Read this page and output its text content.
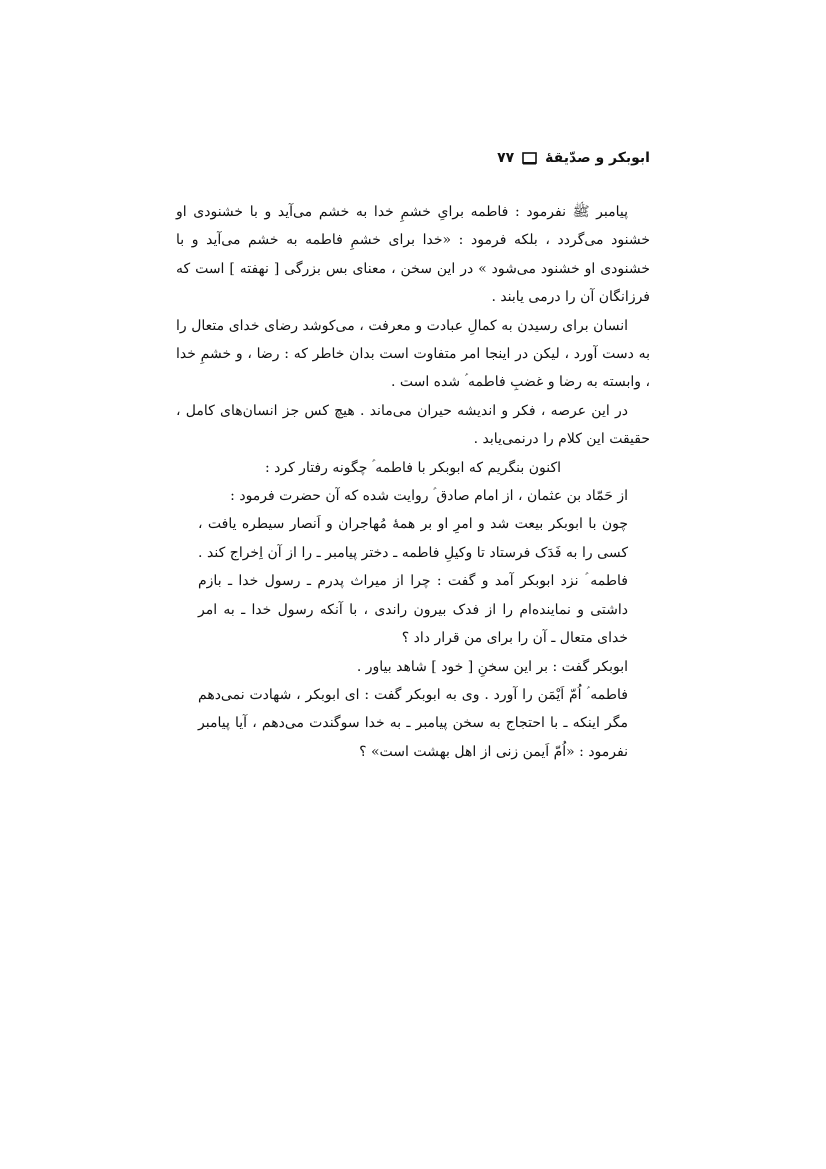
ابوبکر و صدّیقۀ
۷۷

پیامبر ﷺ نفرمود : فاطمه برایِ خشمِ خدا به خشم می‌آید و با خشنودی او خشنود می‌گردد ، بلکه فرمود : «خدا برای خشمِ فاطمه به خشم می‌آید و با خشنودی او خشنود می‌شود » در این سخن ، معنای بس بزرگی [ نهفته ] است که فرزانگان آن را درمی یابند .

انسان برای رسیدن به کمالِ عبادت و معرفت ، می‌کوشد رضای خدای متعال را به دست آورد ، لیکن در اینجا امر متفاوت است بدان خاطر که : رضا ، و خشمِ خدا ، وابسته به رضا و غضبِ فاطمه ؑ شده است .

در این عرصه ، فکر و اندیشه حیران می‌ماند . هیچ کس جز انسان‌های کامل ، حقیقت این کلام را درنمی‌یابد .

اکنون بنگریم که ابوبکر با فاطمه ؑ چگونه رفتار کرد :

از حَمّاد بن عثمان ، از امام صادق ؑ روایت شده که آن حضرت فرمود :

چون با ابوبکر بیعت شد و امرِ او بر همهٔ مُهاجران و اَنصار سیطره یافت ، کسی را به فَدَک فرستاد تا وکیلِ فاطمه ـ دختر پیامبر ـ را از آن اِخراج کند . فاطمه ؑ نزد ابوبکر آمد و گفت : چرا از میراث پدرم ـ رسول خدا ـ بازم داشتی و نماینده‌ام را از فدک بیرون راندی ، با آنکه رسول خدا ـ به امر خدای متعال ـ آن را برای من قرار داد ؟

ابوبکر گفت : بر این سخنِ [ خود ] شاهد بیاور .

فاطمه ؑ اُمّ اَیْمَن را آورد . وی به ابوبکر گفت : ای ابوبکر ، شهادت نمی‌دهم مگر اینکه ـ با احتجاج به سخن پیامبر ـ به خدا سوگندت می‌دهم ، آیا پیامبر نفرمود : «اُمّ اَیمن زنی از اهل بهشت است» ؟
